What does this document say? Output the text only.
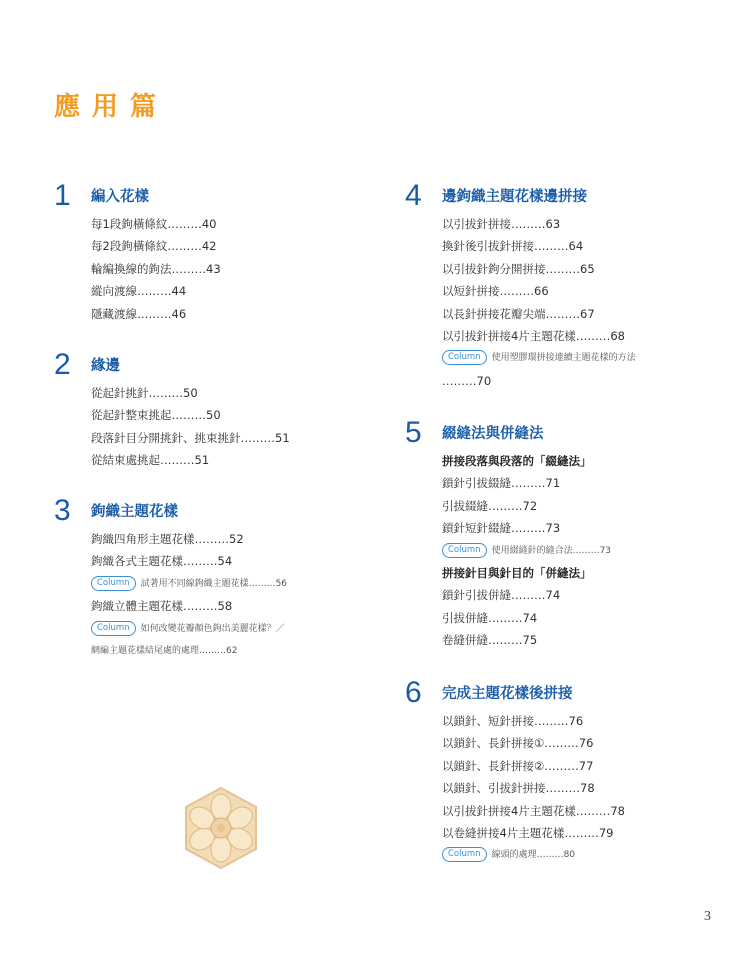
應用篇
1 編入花樣
每1段鉤橫條紋………40
每2段鉤橫條紋………42
輪編換線的鉤法………43
縱向渡線………44
隱藏渡線………46
2 緣邊
從起針挑針………50
從起針整束挑起………50
段落針目分開挑針、挑束挑針………51
從結束處挑起………51
3 鉤織主題花樣
鉤織四角形主題花樣………52
鉤織各式主題花樣………54
Column 試著用不同線鉤織主題花樣………56
鉤織立體主題花樣………58
Column 如何改變花瓣顏色鉤出美麗花樣？／
網編主題花樣結尾處的處理………62
4 邊鉤織主題花樣邊拼接
以引拔針拼接………63
換針後引拔針拼接………64
以引拔針鉤分開拼接………65
以短針拼接………66
以長針拼接花瓣尖端………67
以引拔針拼接4片主題花樣………68
Column 使用塑膠環拼接連續主題花樣的方法
………70
5 綴縫法與併縫法
拼接段落與段落的「綴縫法」
鎖針引拔綴縫………71
引拔綴縫………72
鎖針短針綴縫………73
Column 使用綴縫針的縫合法………73
拼接針目與針目的「併縫法」
鎖針引拔併縫………74
引拔併縫………74
卷縫併縫………75
6 完成主題花樣後拼接
以鎖針、短針拼接………76
以鎖針、長針拼接①………76
以鎖針、長針拼接②………77
以鎖針、引拔針拼接………78
以引拔針拼接4片主題花樣………78
以卷縫拼接4片主題花樣………79
Column 線頭的處理………80
3
